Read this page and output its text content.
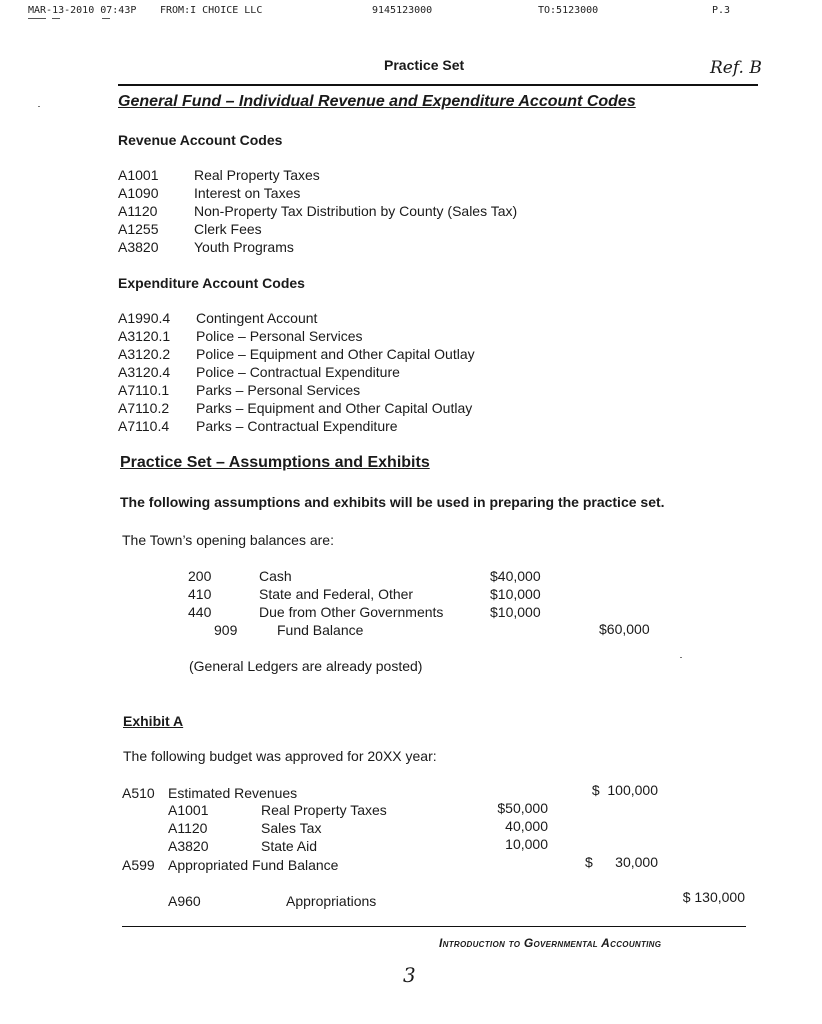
MAR-13-2010 07:43P FROM:I CHOICE LLC	9145123000	TO:5123000	P.3
Practice Set	Ref. B
General Fund – Individual Revenue and Expenditure Account Codes
Revenue Account Codes
A1001	Real Property Taxes
A1090	Interest on Taxes
A1120	Non-Property Tax Distribution by County (Sales Tax)
A1255	Clerk Fees
A3820	Youth Programs
Expenditure Account Codes
A1990.4	Contingent Account
A3120.1	Police – Personal Services
A3120.2	Police – Equipment and Other Capital Outlay
A3120.4	Police – Contractual Expenditure
A7110.1	Parks – Personal Services
A7110.2	Parks – Equipment and Other Capital Outlay
A7110.4	Parks – Contractual Expenditure
Practice Set – Assumptions and Exhibits
The following assumptions and exhibits will be used in preparing the practice set.
The Town’s opening balances are:
200	Cash	$40,000
410	State and Federal, Other	$10,000
440	Due from Other Governments	$10,000
909	Fund Balance	$60,000
(General Ledgers are already posted)
Exhibit A
The following budget was approved for 20XX year:
A510 Estimated Revenues	$  100,000
A1001	Real Property Taxes	$50,000
A1120	Sales Tax	40,000
A3820	State Aid	10,000
A599 Appropriated Fund Balance	$	30,000
A960	Appropriations	$ 130,000
Introduction to Governmental Accounting
3
